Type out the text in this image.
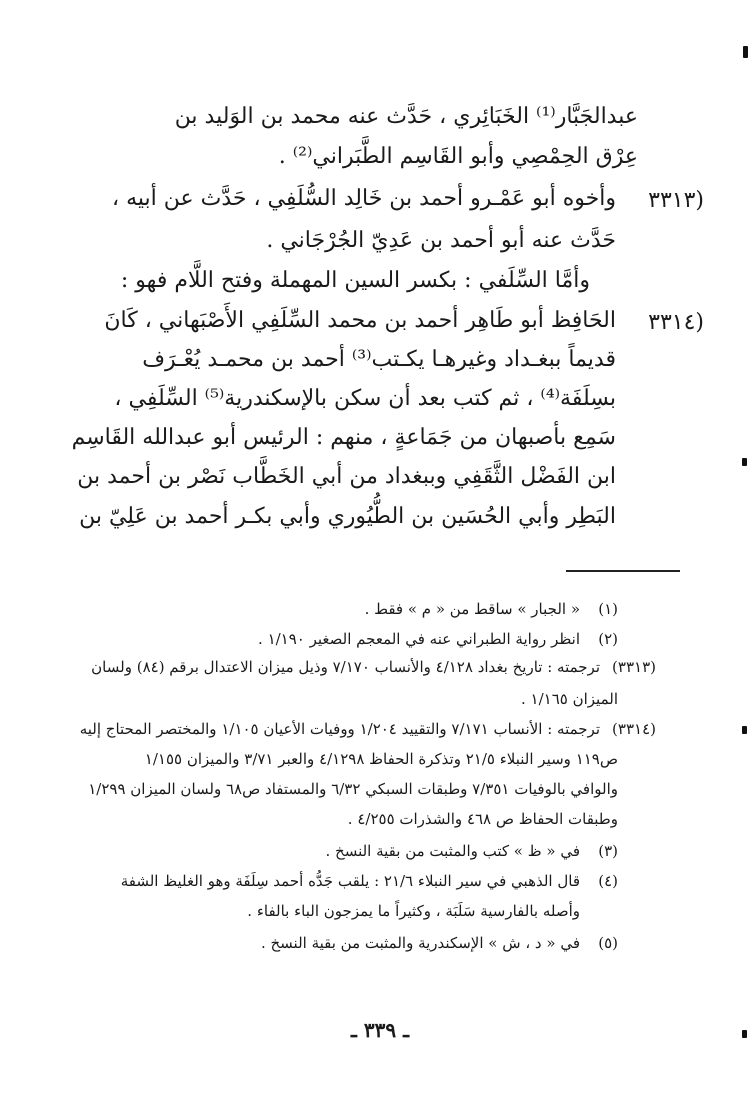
عبدالجَبَّار⁽¹⁾ الخَبَائِري ، حَدَّث عنه محمد بن الوَليد بن
عِرْق الحِمْصِي وأبو القَاسِم الطَّبَراني⁽²⁾ .
(٣٣١٣
وأخوه أبو عَمْـرو أحمد بن خَالِد السُّلَفِي ، حَدَّث عن أبيه ،
حَدَّث عنه أبو أحمد بن عَدِيّ الجُرْجَاني .
وأمَّا السِّلَفي : بكسر السين المهملة وفتح اللَّام فهو :
(٣٣١٤
الحَافِظ أبو طَاهِر أحمد بن محمد السِّلَفِي الأَصْبَهاني ، كَانَ
قديماً ببغـداد وغيرهـا يكـتب⁽³⁾ أحمد بن محمـد يُعْـرَف
بسِلَفَة⁽⁴⁾ ، ثم كتب بعد أن سكن بالإسكندرية⁽⁵⁾ السِّلَفِي ،
سَمِع بأصبهان من جَمَاعةٍ ، منهم : الرئيس أبو عبدالله القَاسِم
ابن الفَضْل الثَّقَفِي وببغداد من أبي الخَطَّاب نَصْر بن أحمد بن
البَطِر وأبي الحُسَين بن الطُّيُوري وأبي بكـر أحمد بن عَلِيّ بن
(١)
« الجبار » ساقط من « م » فقط .
(٢)
انظر رواية الطبراني عنه في المعجم الصغير ١/١٩٠ .
(٣٣١٣)
ترجمته : تاريخ بغداد ٤/١٢٨ والأنساب ٧/١٧٠ وذيل ميزان الاعتدال برقم (٨٤) ولسان
الميزان ١/١٦٥ .
(٣٣١٤)
ترجمته : الأنساب ٧/١٧١ والتقييد ١/٢٠٤ ووفيات الأعيان ١/١٠٥ والمختصر المحتاج إليه
ص١١٩ وسير النبلاء ٢١/٥ وتذكرة الحفاظ ٤/١٢٩٨ والعبر ٣/٧١ والميزان ١/١٥٥
والوافي بالوفيات ٧/٣٥١ وطبقات السبكي ٦/٣٢ والمستفاد ص٦٨ ولسان الميزان ١/٢٩٩
وطبقات الحفاظ ص ٤٦٨ والشذرات ٤/٢٥٥ .
(٣)
في « ظ » كتب والمثبت من بقية النسخ .
(٤)
قال الذهبي في سير النبلاء ٢١/٦ : يلقب جَدُّه أحمد سِلَفَة وهو الغليظ الشفة
وأصله بالفارسية سَلَبَة ، وكثيراً ما يمزجون الباء بالفاء .
(٥)
في « د ، ش » الإسكندرية والمثبت من بقية النسخ .
ـ ٣٣٩ ـ
